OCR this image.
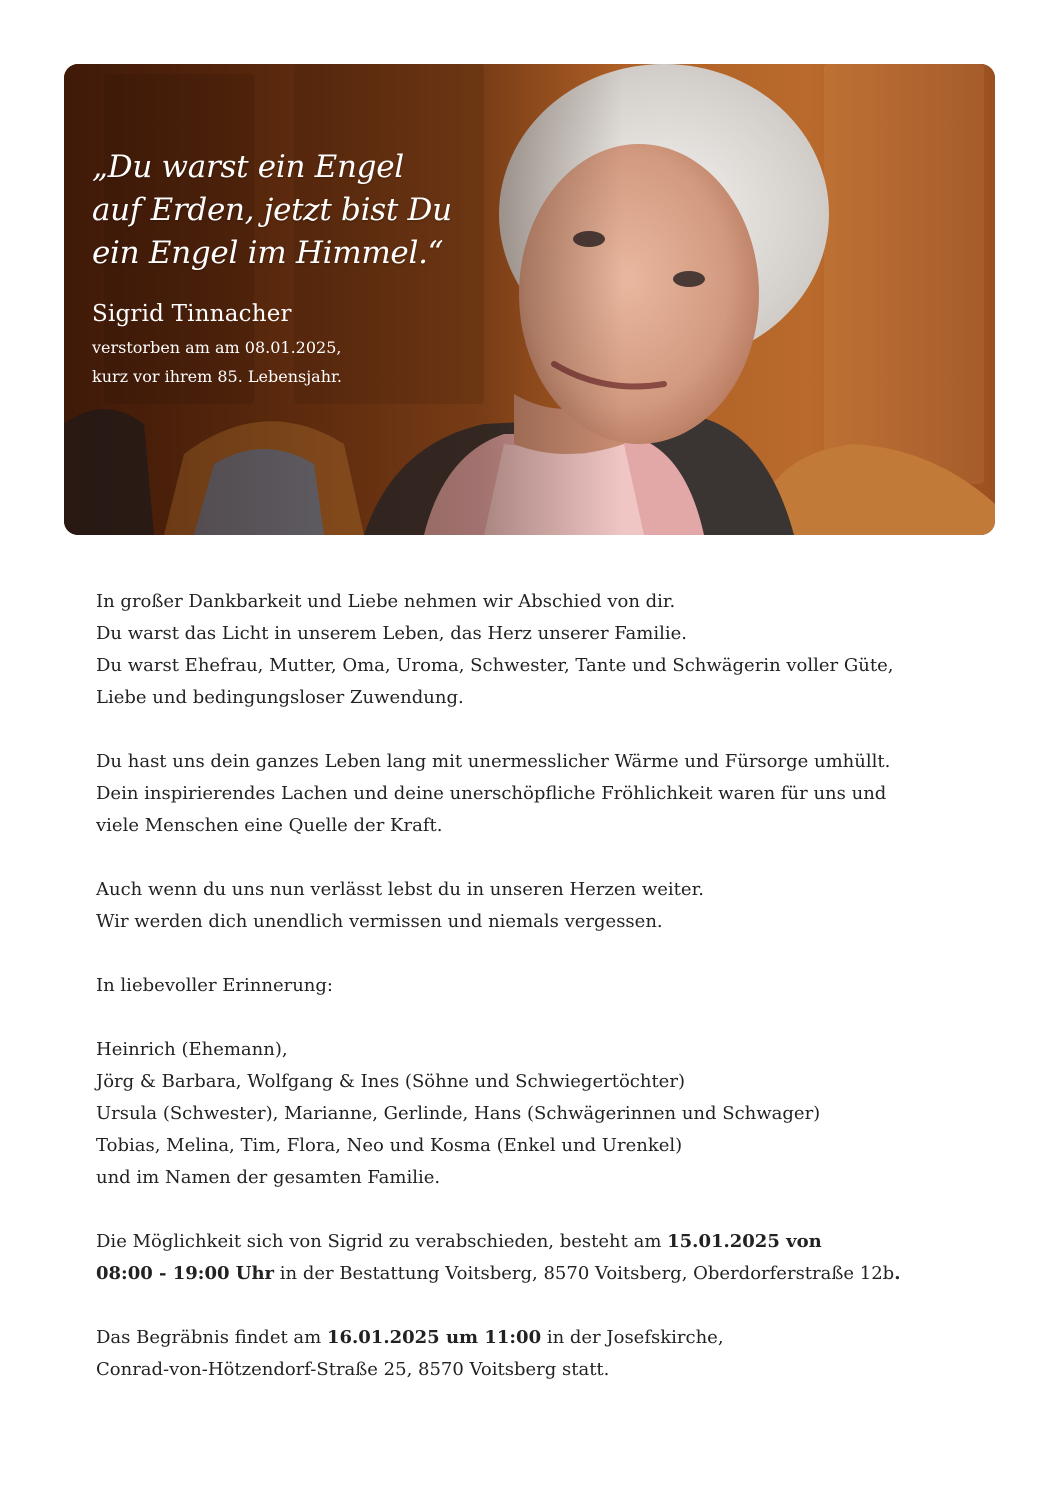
„Du warst ein Engel
auf Erden, jetzt bist Du
ein Engel im Himmel.“

Sigrid Tinnacher
verstorben am am 08.01.2025,
kurz vor ihrem 85. Lebensjahr.

In großer Dankbarkeit und Liebe nehmen wir Abschied von dir.
Du warst das Licht in unserem Leben, das Herz unserer Familie.
Du warst Ehefrau, Mutter, Oma, Uroma, Schwester, Tante und Schwägerin voller Güte,
Liebe und bedingungsloser Zuwendung.

Du hast uns dein ganzes Leben lang mit unermesslicher Wärme und Fürsorge umhüllt.
Dein inspirierendes Lachen und deine unerschöpfliche Fröhlichkeit waren für uns und
viele Menschen eine Quelle der Kraft.

Auch wenn du uns nun verlässt lebst du in unseren Herzen weiter.
Wir werden dich unendlich vermissen und niemals vergessen.

In liebevoller Erinnerung:

Heinrich (Ehemann),
Jörg & Barbara, Wolfgang & Ines (Söhne und Schwiegertöchter)
Ursula (Schwester), Marianne, Gerlinde, Hans (Schwägerinnen und Schwager)
Tobias, Melina, Tim, Flora, Neo und Kosma (Enkel und Urenkel)
und im Namen der gesamten Familie.

Die Möglichkeit sich von Sigrid zu verabschieden, besteht am 15.01.2025 von
08:00 - 19:00 Uhr in der Bestattung Voitsberg, 8570 Voitsberg, Oberdorferstraße 12b.

Das Begräbnis findet am 16.01.2025 um 11:00 in der Josefskirche,
Conrad-von-Hötzendorf-Straße 25, 8570 Voitsberg statt.
